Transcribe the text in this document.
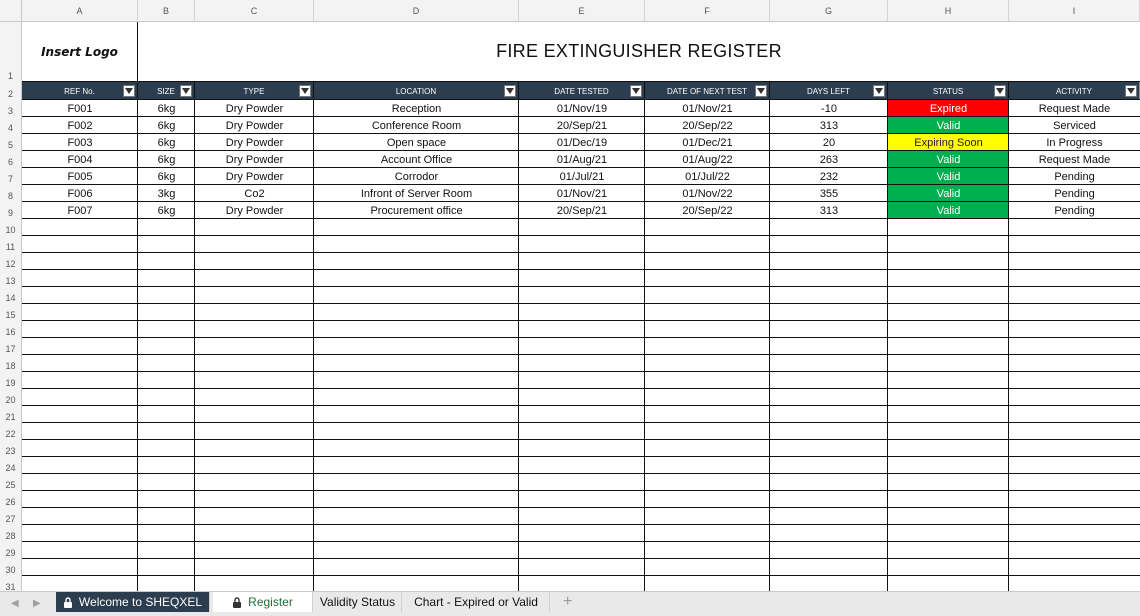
A	B	C	D	E	F	G	H	I
1
2
3
4
5
6
7
8
9
10
11
12
13
14
15
16
17
18
19
20
21
22
23
24
25
26
27
28
29
30
31
Insert Logo	FIRE EXTINGUISHER REGISTER
REF No.	SIZE	TYPE	LOCATION	DATE TESTED	DATE OF NEXT TEST	DAYS LEFT	STATUS	ACTIVITY
F001	6kg	Dry Powder	Reception	01/Nov/19	01/Nov/21	-10	Expired	Request Made
F002	6kg	Dry Powder	Conference Room	20/Sep/21	20/Sep/22	313	Valid	Serviced
F003	6kg	Dry Powder	Open space	01/Dec/19	01/Dec/21	20	Expiring Soon	In Progress
F004	6kg	Dry Powder	Account Office	01/Aug/21	01/Aug/22	263	Valid	Request Made
F005	6kg	Dry Powder	Corrodor	01/Jul/21	01/Jul/22	232	Valid	Pending
F006	3kg	Co2	Infront of Server Room	01/Nov/21	01/Nov/22	355	Valid	Pending
F007	6kg	Dry Powder	Procurement office	20/Sep/21	20/Sep/22	313	Valid	Pending
◀ ▶	Welcome to SHEQXEL	Register Validity Status Chart - Expired or Valid +
